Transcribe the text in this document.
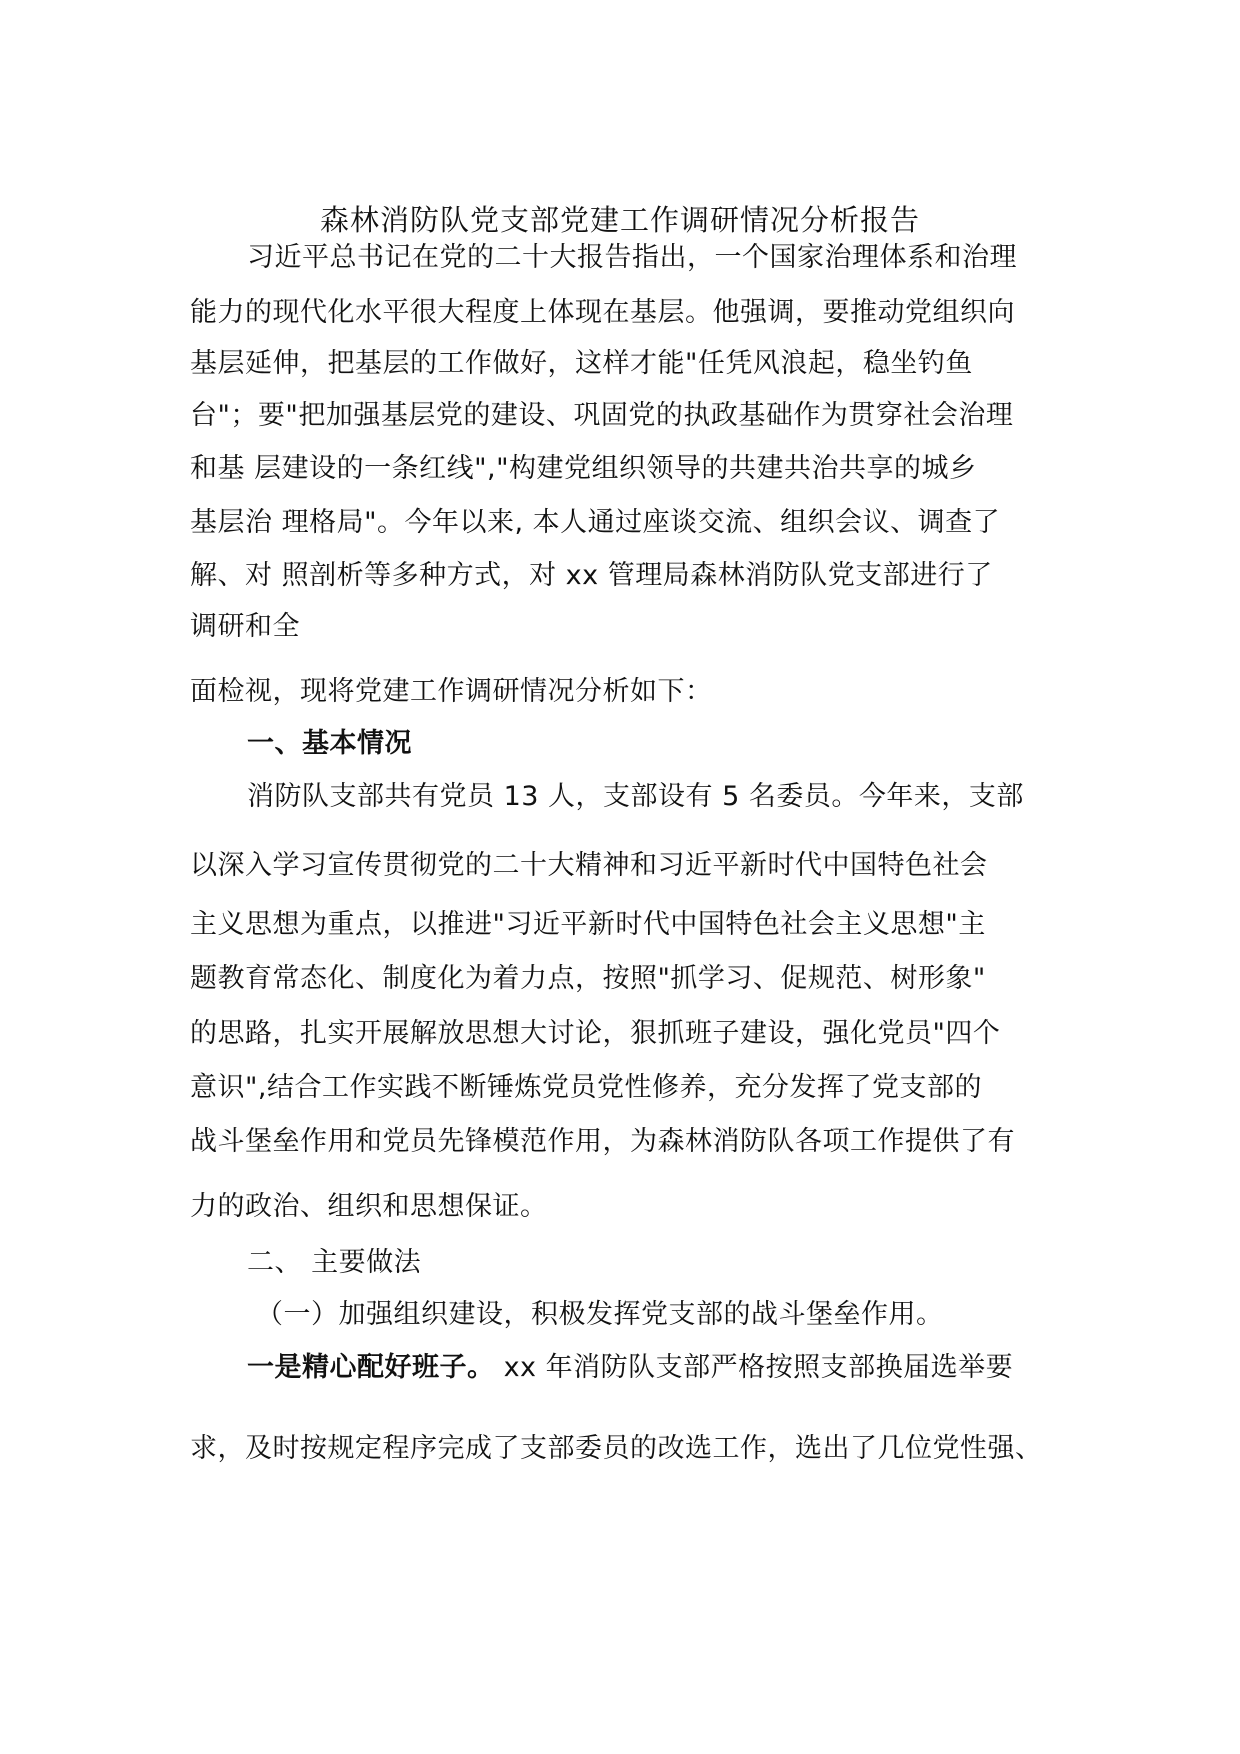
森林消防队党支部党建工作调研情况分析报告
习近平总书记在党的二十大报告指出，一个国家治理体系和治理
能力的现代化水平很大程度上体现在基层。他强调，要推动党组织向
基层延伸，把基层的工作做好，这样才能"任凭风浪起，稳坐钓鱼
台"；要"把加强基层党的建设、巩固党的执政基础作为贯穿社会治理
和基 层建设的一条红线","构建党组织领导的共建共治共享的城乡
基层治 理格局"。今年以来, 本人通过座谈交流、组织会议、调查了
解、对 照剖析等多种方式，对 xx 管理局森林消防队党支部进行了
调研和全
面检视，现将党建工作调研情况分析如下：
一、基本情况
消防队支部共有党员 13 人，支部设有 5 名委员。今年来，支部
以深入学习宣传贯彻党的二十大精神和习近平新时代中国特色社会
主义思想为重点，以推进"习近平新时代中国特色社会主义思想"主
题教育常态化、制度化为着力点，按照"抓学习、促规范、树形象"
的思路，扎实开展解放思想大讨论，狠抓班子建设，强化党员"四个
意识",结合工作实践不断锤炼党员党性修养，充分发挥了党支部的
战斗堡垒作用和党员先锋模范作用，为森林消防队各项工作提供了有
力的政治、组织和思想保证。
二、 主要做法
（一）加强组织建设，积极发挥党支部的战斗堡垒作用。
一是精心配好班子。 xx 年消防队支部严格按照支部换届选举要
求，及时按规定程序完成了支部委员的改选工作，选出了几位党性强、
